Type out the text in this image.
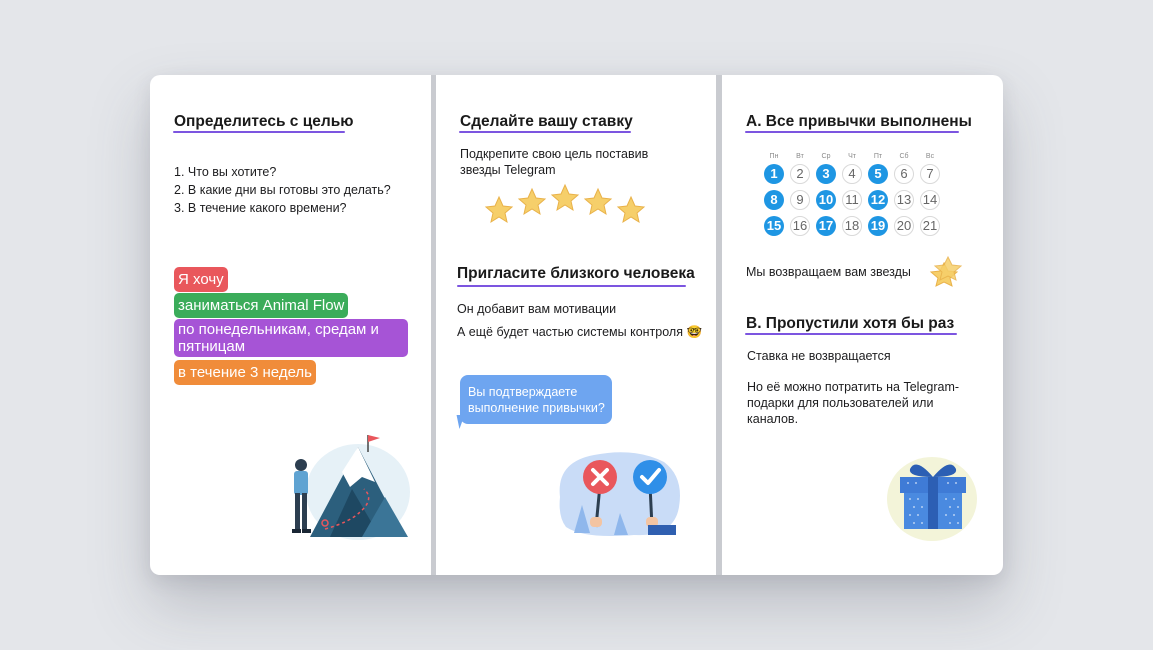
Определитесь с целью
1. Что вы хотите?
2. В какие дни вы готовы это делать?
3. В течение какого времени?
Я хочу
заниматься Animal Flow
по понедельникам, средам и пятницам
в течение 3 недель
Сделайте вашу ставку
Подкрепите свою цель поставив звезды Telegram
Пригласите близкого человека
Он добавит вам мотивации
А ещё будет частью системы контроля 🤓
Вы подтверждаете выполнение привычки?
A. Все привычки выполнены
Пн	Вт	Ср	Чт	Пт	Сб	Вс
Мы возвращаем вам звезды
B. Пропустили хотя бы раз
Ставка не возвращается
Но её можно потратить на Telegram-подарки для пользователей или каналов.
1	2	3	4	5	6	7
8	9	10 11 12 13 14
15 16 17 18 19 20 21
